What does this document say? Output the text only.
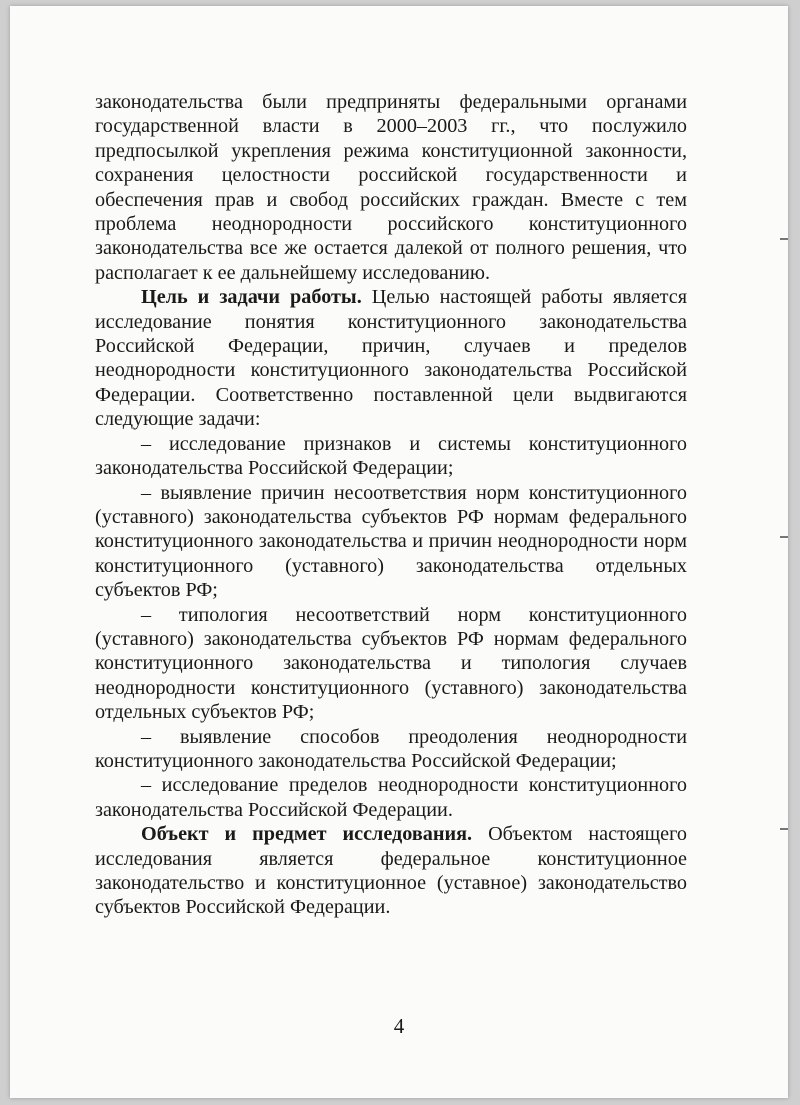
законодательства были предприняты федеральными органами государственной власти в 2000–2003 гг., что послужило предпосылкой укрепления режима конституционной законности, сохранения целостности российской государственности и обеспечения прав и свобод российских граждан. Вместе с тем проблема неоднородности российского конституционного законодательства все же остается далекой от полного решения, что располагает к ее дальнейшему исследованию.

Цель и задачи работы. Целью настоящей работы является исследование понятия конституционного законодательства Российской Федерации, причин, случаев и пределов неоднородности конституционного законодательства Российской Федерации. Соответственно поставленной цели выдвигаются следующие задачи:

– исследование признаков и системы конституционного законодательства Российской Федерации;

– выявление причин несоответствия норм конституционного (уставного) законодательства субъектов РФ нормам федерального конституционного законодательства и причин неоднородности норм конституционного (уставного) законодательства отдельных субъектов РФ;

– типология несоответствий норм конституционного (уставного) законодательства субъектов РФ нормам федерального конституционного законодательства и типология случаев неоднородности конституционного (уставного) законодательства отдельных субъектов РФ;

– выявление способов преодоления неоднородности конституционного законодательства Российской Федерации;

– исследование пределов неоднородности конституционного законодательства Российской Федерации.

Объект и предмет исследования. Объектом настоящего исследования является федеральное конституционное законодательство и конституционное (уставное) законодательство субъектов Российской Федерации.

4
